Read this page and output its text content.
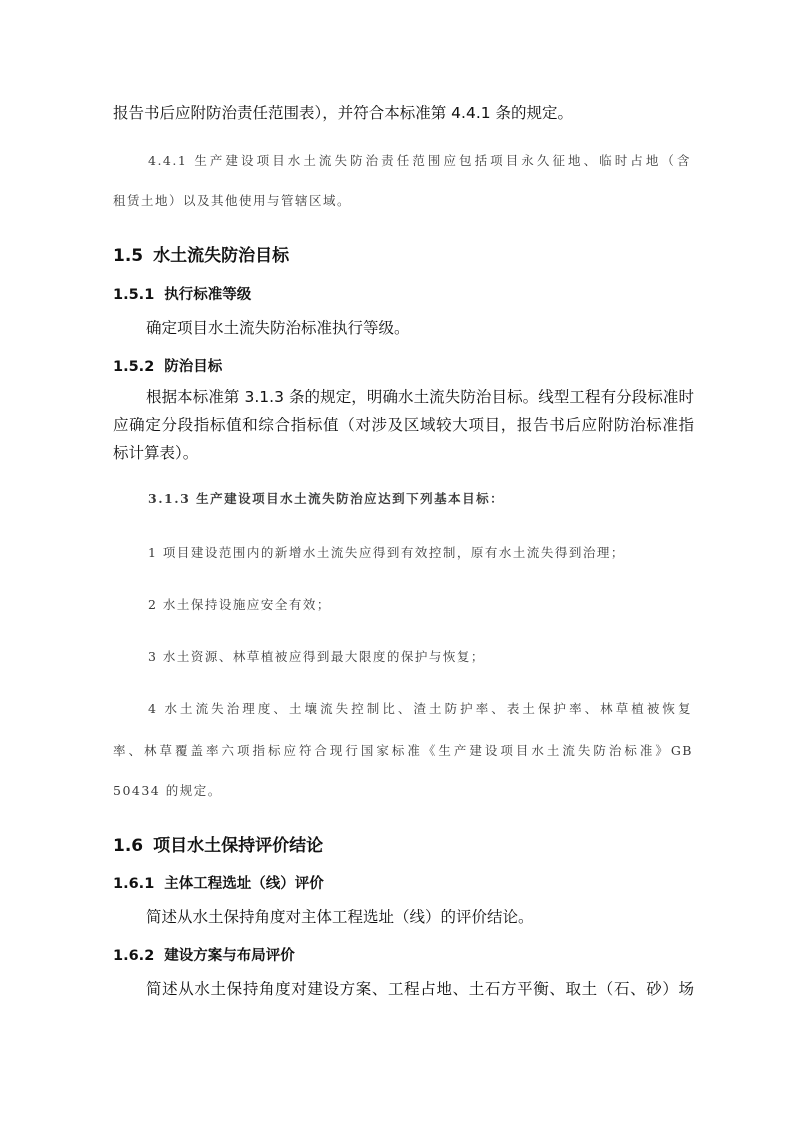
报告书后应附防治责任范围表），并符合本标准第 4.4.1 条的规定。
4.4.1 生产建设项目水土流失防治责任范围应包括项目永久征地、临时占地（含
租赁土地）以及其他使用与管辖区域。
1.5 水土流失防治目标
1.5.1 执行标准等级
确定项目水土流失防治标准执行等级。
1.5.2 防治目标
根据本标准第 3.1.3 条的规定，明确水土流失防治目标。线型工程有分段标准时
应确定分段指标值和综合指标值（对涉及区域较大项目，报告书后应附防治标准指
标计算表）。
3.1.3 生产建设项目水土流失防治应达到下列基本目标：
1 项目建设范围内的新增水土流失应得到有效控制，原有水土流失得到治理；
2 水土保持设施应安全有效；
3 水土资源、林草植被应得到最大限度的保护与恢复；
4 水土流失治理度、土壤流失控制比、渣土防护率、表土保护率、林草植被恢复
率、林草覆盖率六项指标应符合现行国家标准《生产建设项目水土流失防治标准》GB
50434 的规定。
1.6 项目水土保持评价结论
1.6.1 主体工程选址（线）评价
简述从水土保持角度对主体工程选址（线）的评价结论。
1.6.2 建设方案与布局评价
简述从水土保持角度对建设方案、工程占地、土石方平衡、取土（石、砂）场
